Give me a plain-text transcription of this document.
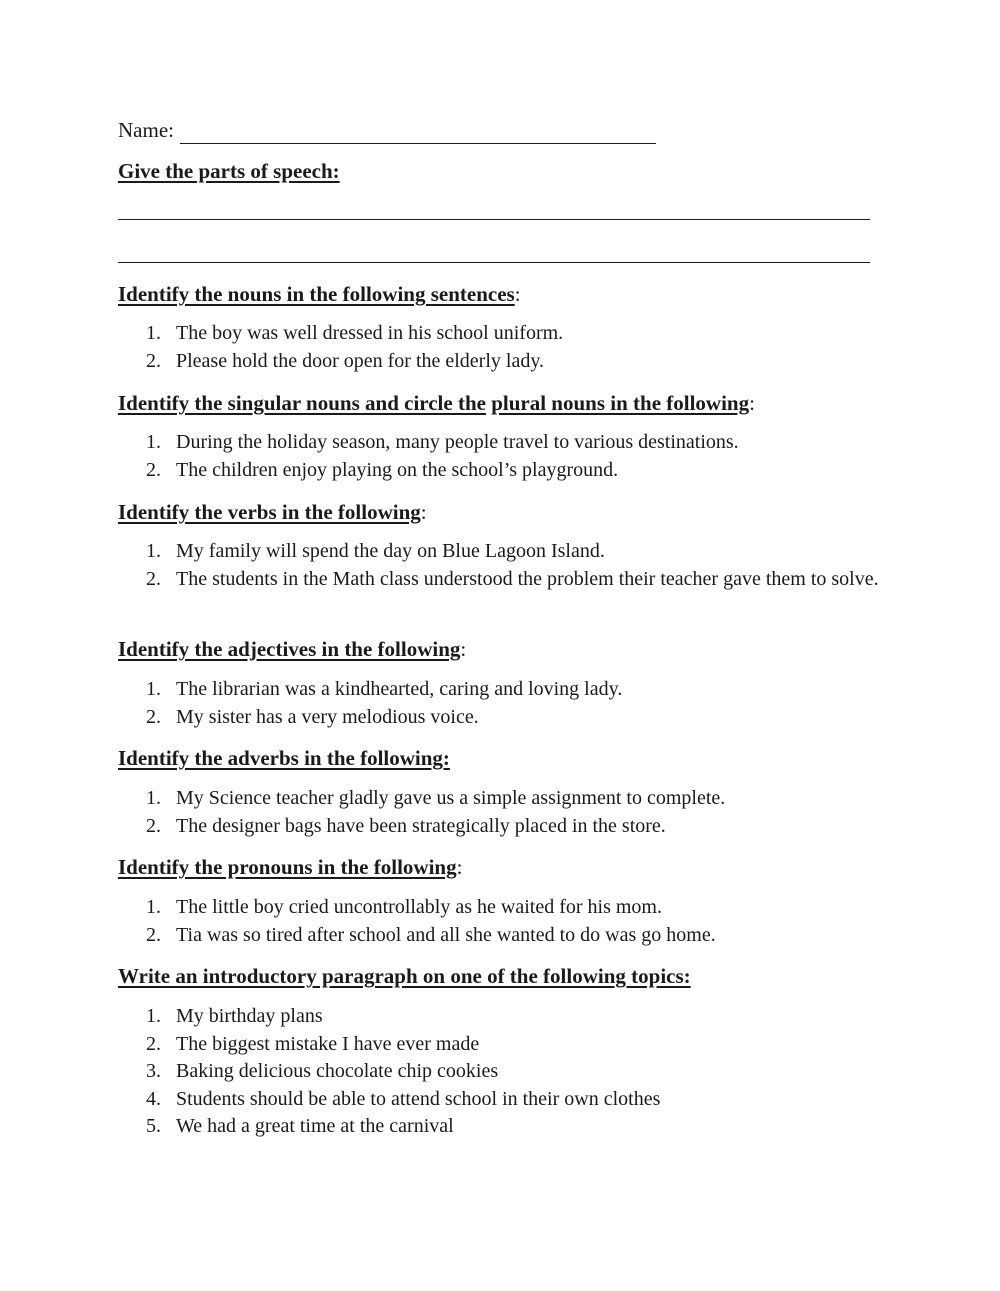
Name:
Give the parts of speech:
Identify the nouns in the following sentences:
1. The boy was well dressed in his school uniform.
2. Please hold the door open for the elderly lady.
Identify the singular nouns and circle the plural nouns in the following:
1. During the holiday season, many people travel to various destinations.
2. The children enjoy playing on the school’s playground.
Identify the verbs in the following:
1. My family will spend the day on Blue Lagoon Island.
2. The students in the Math class understood the problem their teacher gave them to solve.
Identify the adjectives in the following:
1. The librarian was a kindhearted, caring and loving lady.
2. My sister has a very melodious voice.
Identify the adverbs in the following:
1. My Science teacher gladly gave us a simple assignment to complete.
2. The designer bags have been strategically placed in the store.
Identify the pronouns in the following:
1. The little boy cried uncontrollably as he waited for his mom.
2. Tia was so tired after school and all she wanted to do was go home.
Write an introductory paragraph on one of the following topics:
1. My birthday plans
2. The biggest mistake I have ever made
3. Baking delicious chocolate chip cookies
4. Students should be able to attend school in their own clothes
5. We had a great time at the carnival
